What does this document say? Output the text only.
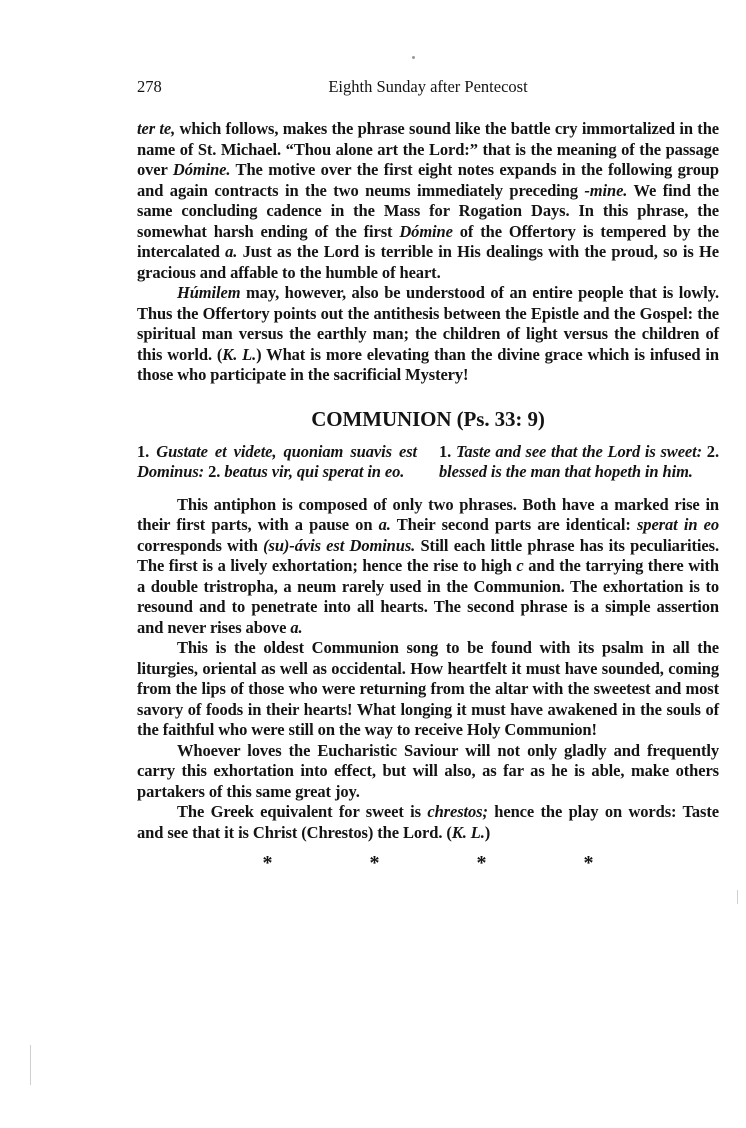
278	Eighth Sunday after Pentecost

ter te, which follows, makes the phrase sound like the battle cry immortalized in the name of St. Michael. “Thou alone art the Lord:” that is the meaning of the passage over Dómine. The motive over the first eight notes expands in the following group and again contracts in the two neums immediately preceding -mine. We find the same concluding cadence in the Mass for Rogation Days. In this phrase, the somewhat harsh ending of the first Dómine of the Offertory is tempered by the intercalated a. Just as the Lord is terrible in His dealings with the proud, so is He gracious and affable to the humble of heart.

Húmilem may, however, also be understood of an entire people that is lowly. Thus the Offertory points out the antithesis between the Epistle and the Gospel: the spiritual man versus the earthly man; the children of light versus the children of this world. (K. L.) What is more elevating than the divine grace which is infused in those who participate in the sacrificial Mystery!

COMMUNION (Ps. 33: 9)
1. Gustate et videte, quoniam suavis est Dominus: 2. beatus vir, qui sperat in eo.
1. Taste and see that the Lord is sweet: 2. blessed is the man that hopeth in him.

This antiphon is composed of only two phrases. Both have a marked rise in their first parts, with a pause on a. Their second parts are identical: sperat in eo corresponds with (su)-ávis est Dominus. Still each little phrase has its peculiarities. The first is a lively exhortation; hence the rise to high c and the tarrying there with a double tristropha, a neum rarely used in the Communion. The exhortation is to resound and to penetrate into all hearts. The second phrase is a simple assertion and never rises above a.

This is the oldest Communion song to be found with its psalm in all the liturgies, oriental as well as occidental. How heartfelt it must have sounded, coming from the lips of those who were returning from the altar with the sweetest and most savory of foods in their hearts! What longing it must have awakened in the souls of the faithful who were still on the way to receive Holy Communion!

Whoever loves the Eucharistic Saviour will not only gladly and frequently carry this exhortation into effect, but will also, as far as he is able, make others partakers of this same great joy.

The Greek equivalent for sweet is chrestos; hence the play on words: Taste and see that it is Christ (Chrestos) the Lord. (K. L.)

* * * *
